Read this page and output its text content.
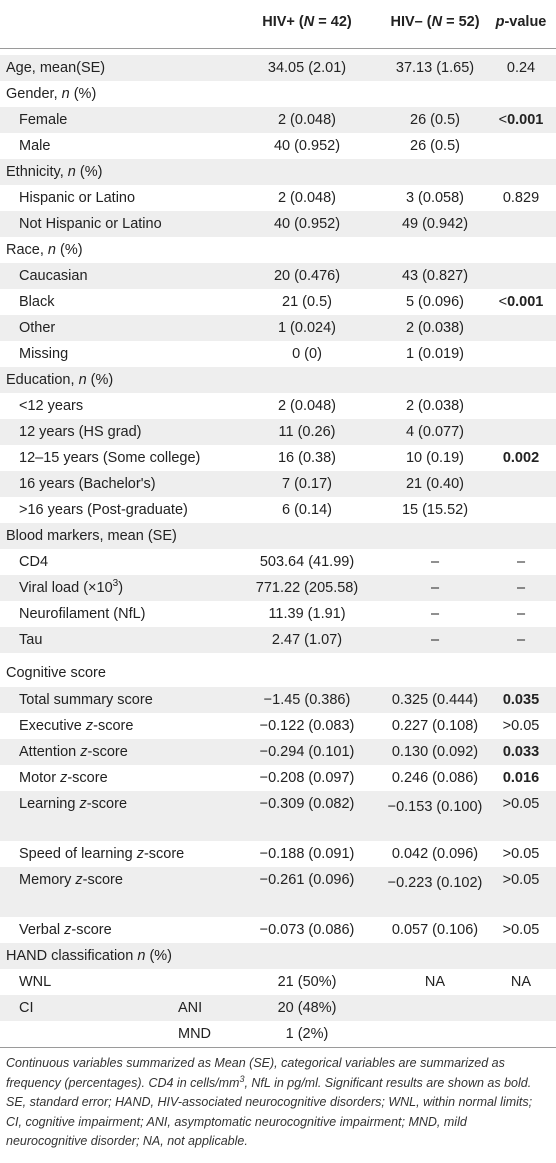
HIV+ (N = 42)	HIV– (N = 52)	p-value
Age, mean(SE)	34.05 (2.01)	37.13 (1.65)	0.24
Gender, n (%)
Female	2 (0.048)	26 (0.5)	<0.001
Male	40 (0.952)	26 (0.5)
Ethnicity, n (%)
Hispanic or Latino	2 (0.048)	3 (0.058)	0.829
Not Hispanic or Latino	40 (0.952)	49 (0.942)
Race, n (%)
Caucasian	20 (0.476)	43 (0.827)
Black	21 (0.5)	5 (0.096)	<0.001
Other	1 (0.024)	2 (0.038)
Missing	0 (0)	1 (0.019)
Education, n (%)
<12 years	2 (0.048)	2 (0.038)
12 years (HS grad)	11 (0.26)	4 (0.077)
12–15 years (Some college)	16 (0.38)	10 (0.19)	0.002
16 years (Bachelor's)	7 (0.17)	21 (0.40)
>16 years (Post-graduate)	6 (0.14)	15 (15.52)
Blood markers, mean (SE)
CD4	503.64 (41.99)	–	–
Viral load $(\times 10^3)$	771.22 (205.58)	–	–
Neurofilament (NfL)	11.39 (1.91)	–	–
Tau	2.47 (1.07)	–	–
Cognitive score
Total summary score	−1.45 (0.386)	0.325 (0.444)	0.035
Executive z-score	−0.122 (0.083)	0.227 (0.108)	>0.05
Attention z-score	−0.294 (0.101)	0.130 (0.092)	0.033
Motor z-score	−0.208 (0.097)	0.246 (0.086)	0.016
Learning z-score	−0.309 (0.082)	−0.153 (0.100)	>0.05
Speed of learning z-score	−0.188 (0.091)	0.042 (0.096)	>0.05
Memory z-score	−0.261 (0.096)	−0.223 (0.102)	>0.05
Verbal z-score	−0.073 (0.086)	0.057 (0.106)	>0.05
HAND classification n (%)
WNL	21 (50%)	NA	NA
CI	ANI	20 (48%)
MND	1 (2%)
Continuous variables summarized as Mean (SE), categorical variables are summarized as frequency (percentages). CD4 in cells/$mm^3$, NfL in pg/ml. Significant results are shown as bold. SE, standard error; HAND, HIV-associated neurocognitive disorders; WNL, within normal limits; CI, cognitive impairment; ANI, asymptomatic neurocognitive impairment; MND, mild neurocognitive disorder; NA, not applicable.
